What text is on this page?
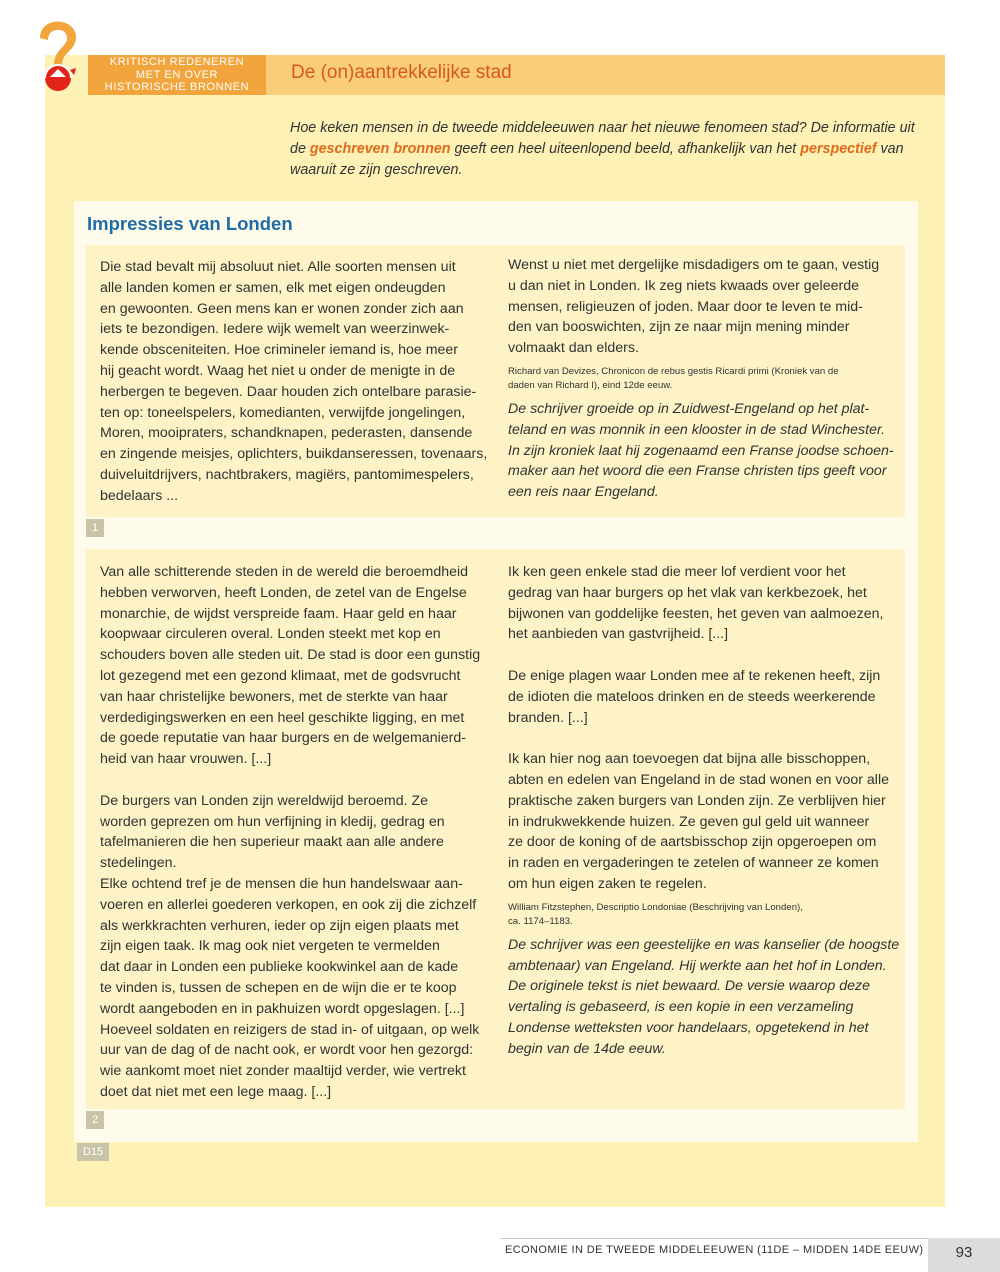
KRITISCH REDENEREN
MET EN OVER
HISTORISCHE BRONNEN
De (on)aantrekkelijke stad
Hoe keken mensen in de tweede middeleeuwen naar het nieuwe fenomeen stad? De informatie uit de geschreven bronnen geeft een heel uiteenlopend beeld, afhankelijk van het perspectief van waaruit ze zijn geschreven.
Impressies van Londen

Die stad bevalt mij absoluut niet. Alle soorten mensen uit

alle landen komen er samen, elk met eigen ondeugden

en gewoonten. Geen mens kan er wonen zonder zich aan

iets te bezondigen. Iedere wijk wemelt van weerzinwek-

kende obsceniteiten. Hoe crimineler iemand is, hoe meer

hij geacht wordt. Waag het niet u onder de menigte in de

herbergen te begeven. Daar houden zich ontelbare parasie-

ten op: toneelspelers, komedianten, verwijfde jongelingen,

Moren, mooipraters, schandknapen, pederasten, dansende

en zingende meisjes, oplichters, buikdanseressen, tovenaars,

duiveluitdrijvers, nachtbrakers, magiërs, pantomimespelers,

bedelaars ...

Wenst u niet met dergelijke misdadigers om te gaan, vestig

u dan niet in Londen. Ik zeg niets kwaads over geleerde

mensen, religieuzen of joden. Maar door te leven te mid-

den van booswichten, zijn ze naar mijn mening minder

volmaakt dan elders.

Richard van Devizes, Chronicon de rebus gestis Ricardi primi (Kroniek van de

daden van Richard I), eind 12de eeuw.

De schrijver groeide op in Zuidwest-Engeland op het plat-

teland en was monnik in een klooster in de stad Winchester.

In zijn kroniek laat hij zogenaamd een Franse joodse schoen-

maker aan het woord die een Franse christen tips geeft voor

een reis naar Engeland.

1

Van alle schitterende steden in de wereld die beroemdheid

hebben verworven, heeft Londen, de zetel van de Engelse

monarchie, de wijdst verspreide faam. Haar geld en haar

koopwaar circuleren overal. Londen steekt met kop en

schouders boven alle steden uit. De stad is door een gunstig

lot gezegend met een gezond klimaat, met de godsvrucht

van haar christelijke bewoners, met de sterkte van haar

verdedigingswerken en een heel geschikte ligging, en met

de goede reputatie van haar burgers en de welgemanierd-

heid van haar vrouwen. [...]

De burgers van Londen zijn wereldwijd beroemd. Ze

worden geprezen om hun verfijning in kledij, gedrag en

tafelmanieren die hen superieur maakt aan alle andere

stedelingen.

Elke ochtend tref je de mensen die hun handelswaar aan-

voeren en allerlei goederen verkopen, en ook zij die zichzelf

als werkkrachten verhuren, ieder op zijn eigen plaats met

zijn eigen taak. Ik mag ook niet vergeten te vermelden

dat daar in Londen een publieke kookwinkel aan de kade

te vinden is, tussen de schepen en de wijn die er te koop

wordt aangeboden en in pakhuizen wordt opgeslagen. [...]

Hoeveel soldaten en reizigers de stad in- of uitgaan, op welk

uur van de dag of de nacht ook, er wordt voor hen gezorgd:

wie aankomt moet niet zonder maaltijd verder, wie vertrekt

doet dat niet met een lege maag. [...]

Ik ken geen enkele stad die meer lof verdient voor het

gedrag van haar burgers op het vlak van kerkbezoek, het

bijwonen van goddelijke feesten, het geven van aalmoezen,

het aanbieden van gastvrijheid. [...]

De enige plagen waar Londen mee af te rekenen heeft, zijn

de idioten die mateloos drinken en de steeds weerkerende

branden. [...]

Ik kan hier nog aan toevoegen dat bijna alle bisschoppen,

abten en edelen van Engeland in de stad wonen en voor alle

praktische zaken burgers van Londen zijn. Ze verblijven hier

in indrukwekkende huizen. Ze geven gul geld uit wanneer

ze door de koning of de aartsbisschop zijn opgeroepen om

in raden en vergaderingen te zetelen of wanneer ze komen

om hun eigen zaken te regelen.

William Fitzstephen, Descriptio Londoniae (Beschrijving van Londen),

ca. 1174–1183.

De schrijver was een geestelijke en was kanselier (de hoogste

ambtenaar) van Engeland. Hij werkte aan het hof in Londen.

De originele tekst is niet bewaard. De versie waarop deze

vertaling is gebaseerd, is een kopie in een verzameling

Londense wetteksten voor handelaars, opgetekend in het

begin van de 14de eeuw.

2
D15
ECONOMIE IN DE TWEEDE MIDDELEEUWEN (11DE – MIDDEN 14DE EEUW)	93
